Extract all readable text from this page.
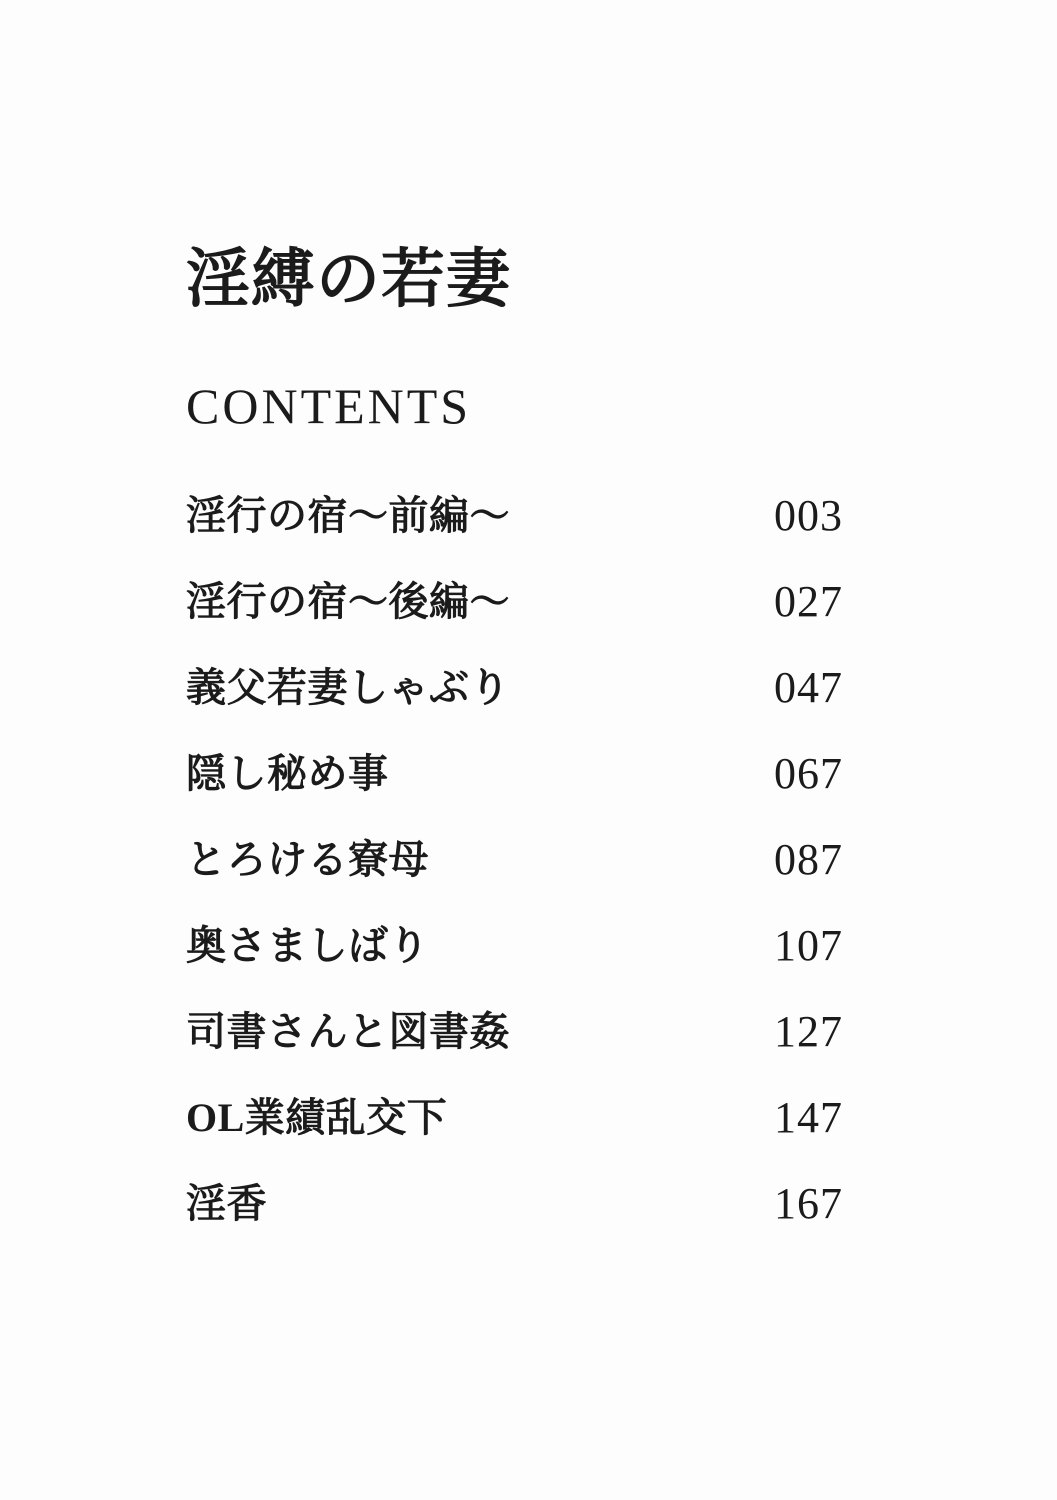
淫縛の若妻
CONTENTS
淫行の宿～前編～	003
淫行の宿～後編～	027
義父若妻しゃぶり	047
隠し秘め事	067
とろける寮母	087
奥さましばり	107
司書さんと図書姦	127
OL業績乱交下	147
淫香	167
